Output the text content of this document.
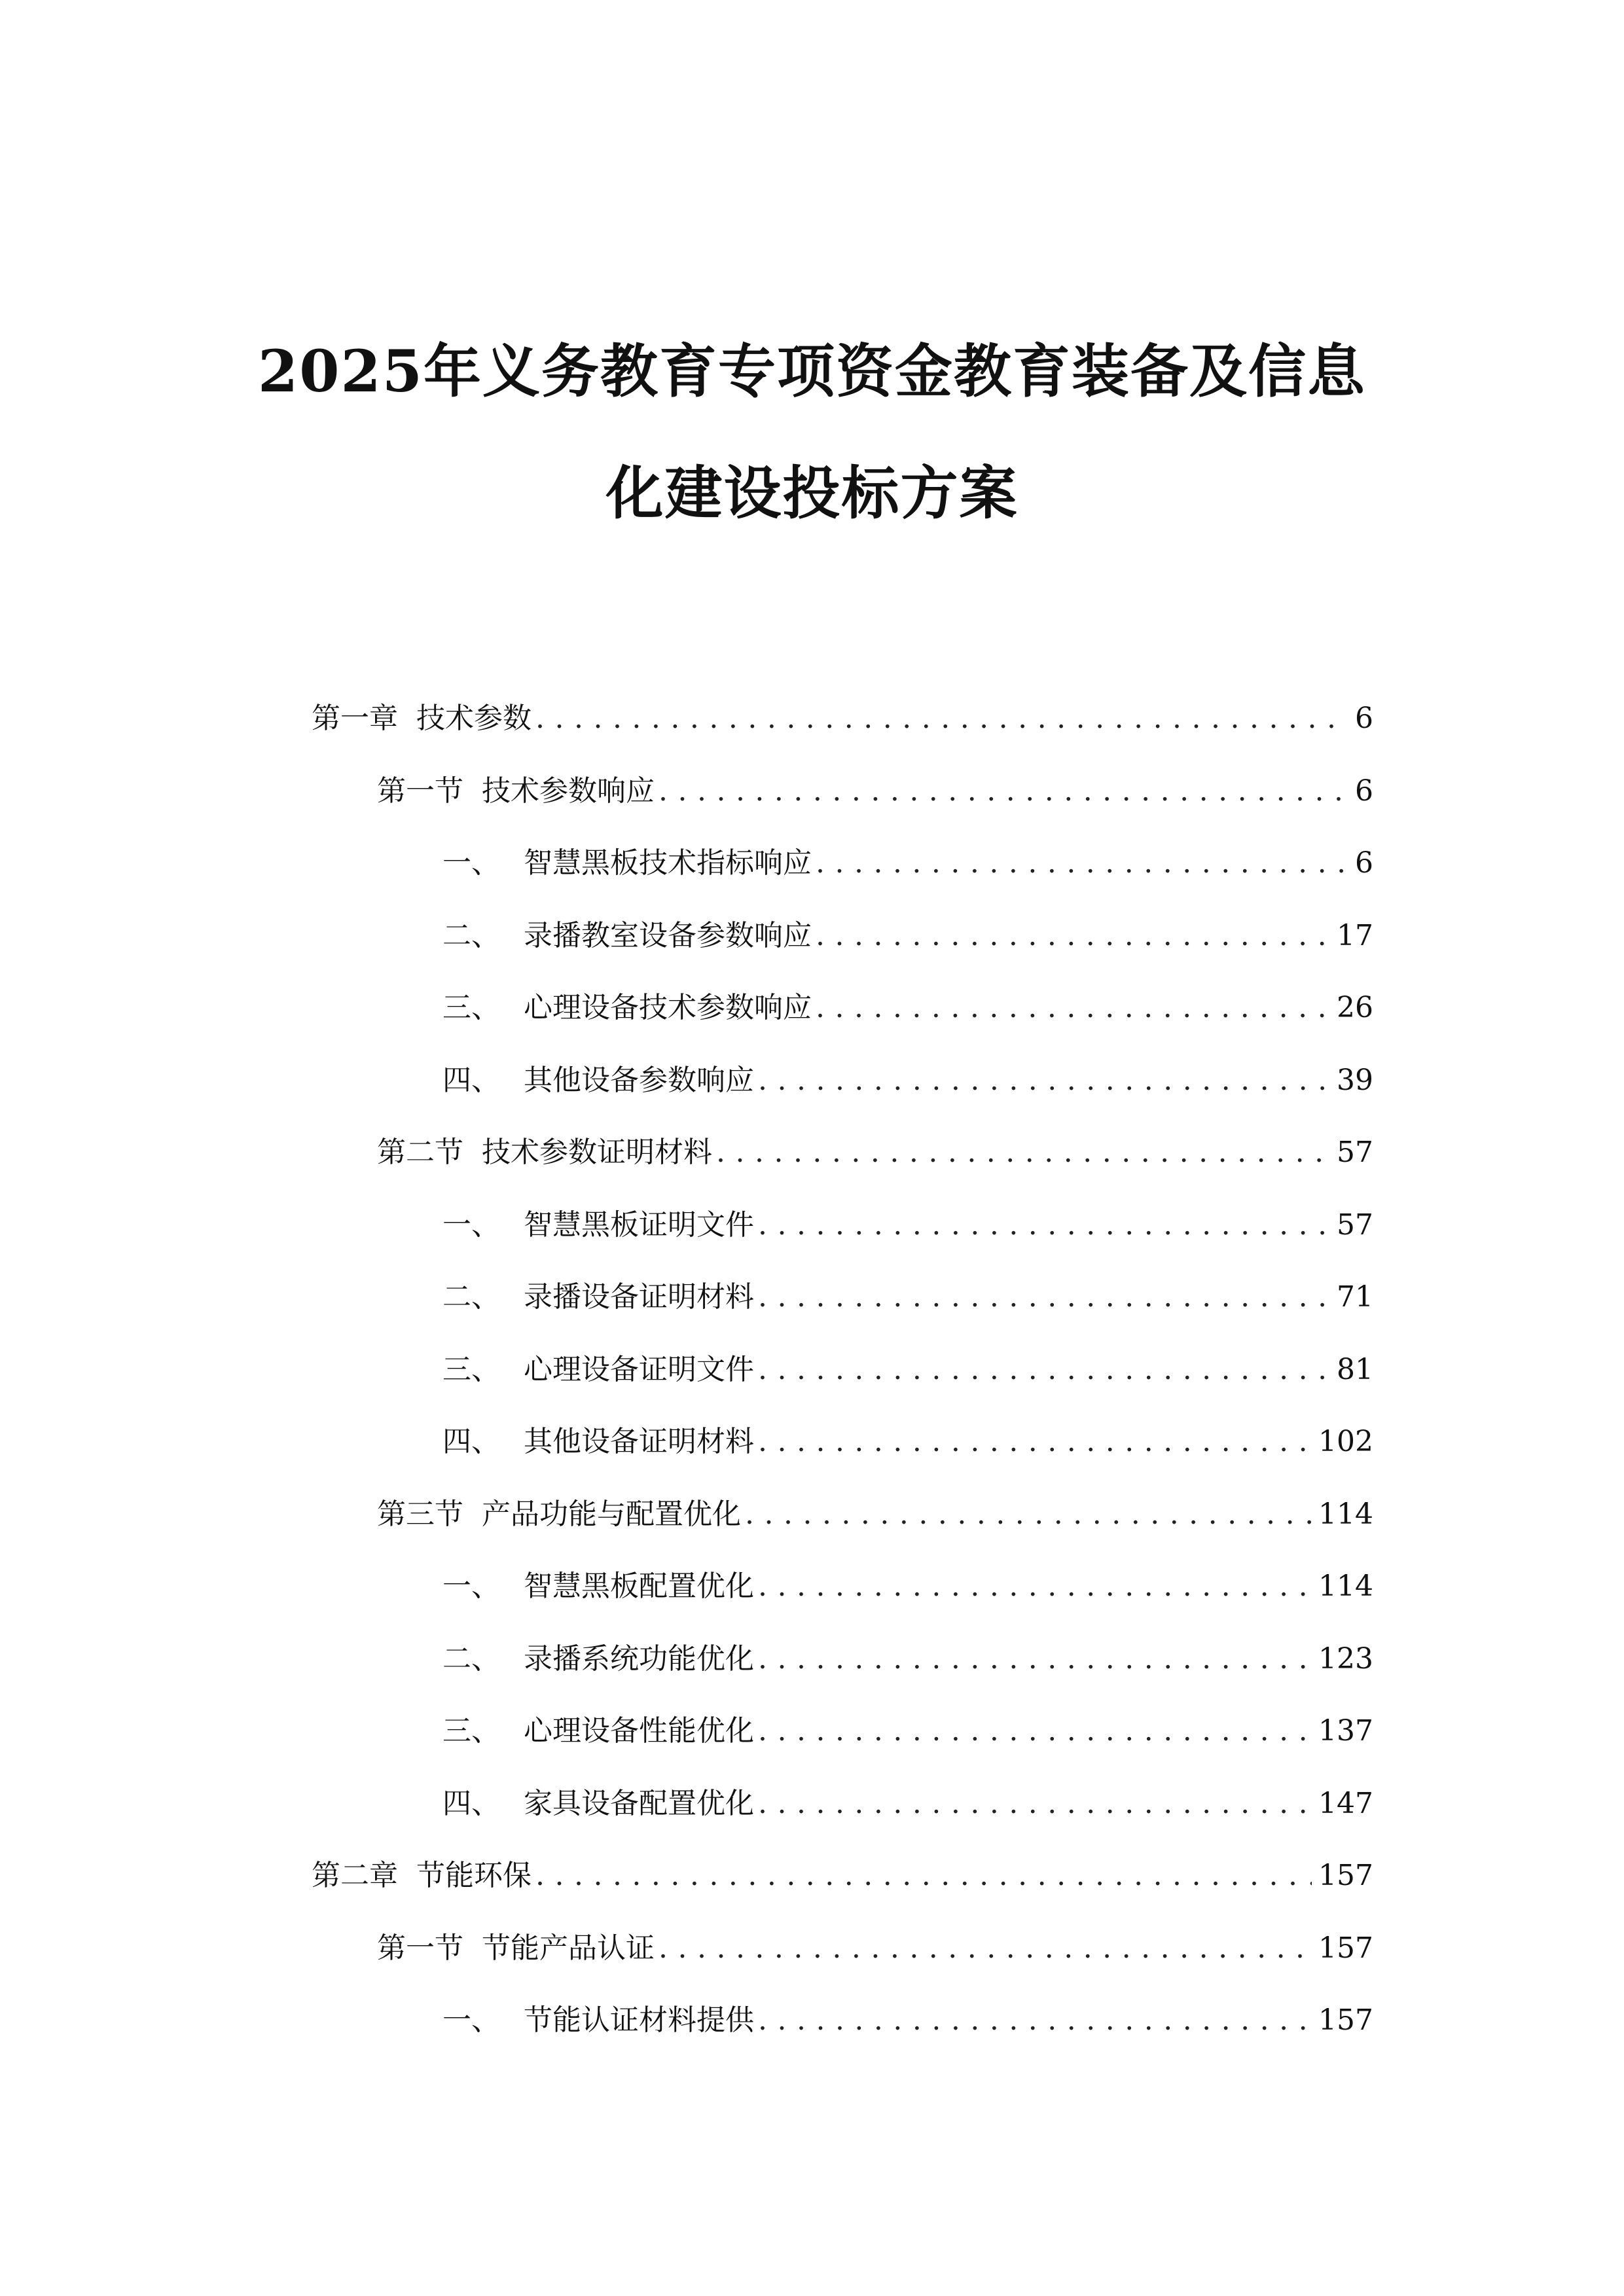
2025年义务教育专项资金教育装备及信息
化建设投标方案
第一章 技术参数 .....	6
第一节 技术参数响应 .....	6
一、 智慧黑板技术指标响应 .....	6
二、 录播教室设备参数响应 .....	17
三、 心理设备技术参数响应 .....	26
四、 其他设备参数响应 .....	39
第二节 技术参数证明材料 .....	57
一、 智慧黑板证明文件 .....	57
二、 录播设备证明材料 .....	71
三、 心理设备证明文件 .....	81
四、 其他设备证明材料 .....	102
第三节 产品功能与配置优化 .....	114
一、 智慧黑板配置优化 .....	114
二、 录播系统功能优化 .....	123
三、 心理设备性能优化 .....	137
四、 家具设备配置优化 .....	147
第二章 节能环保 .....	157
第一节 节能产品认证 .....	157
一、 节能认证材料提供 .....	157
